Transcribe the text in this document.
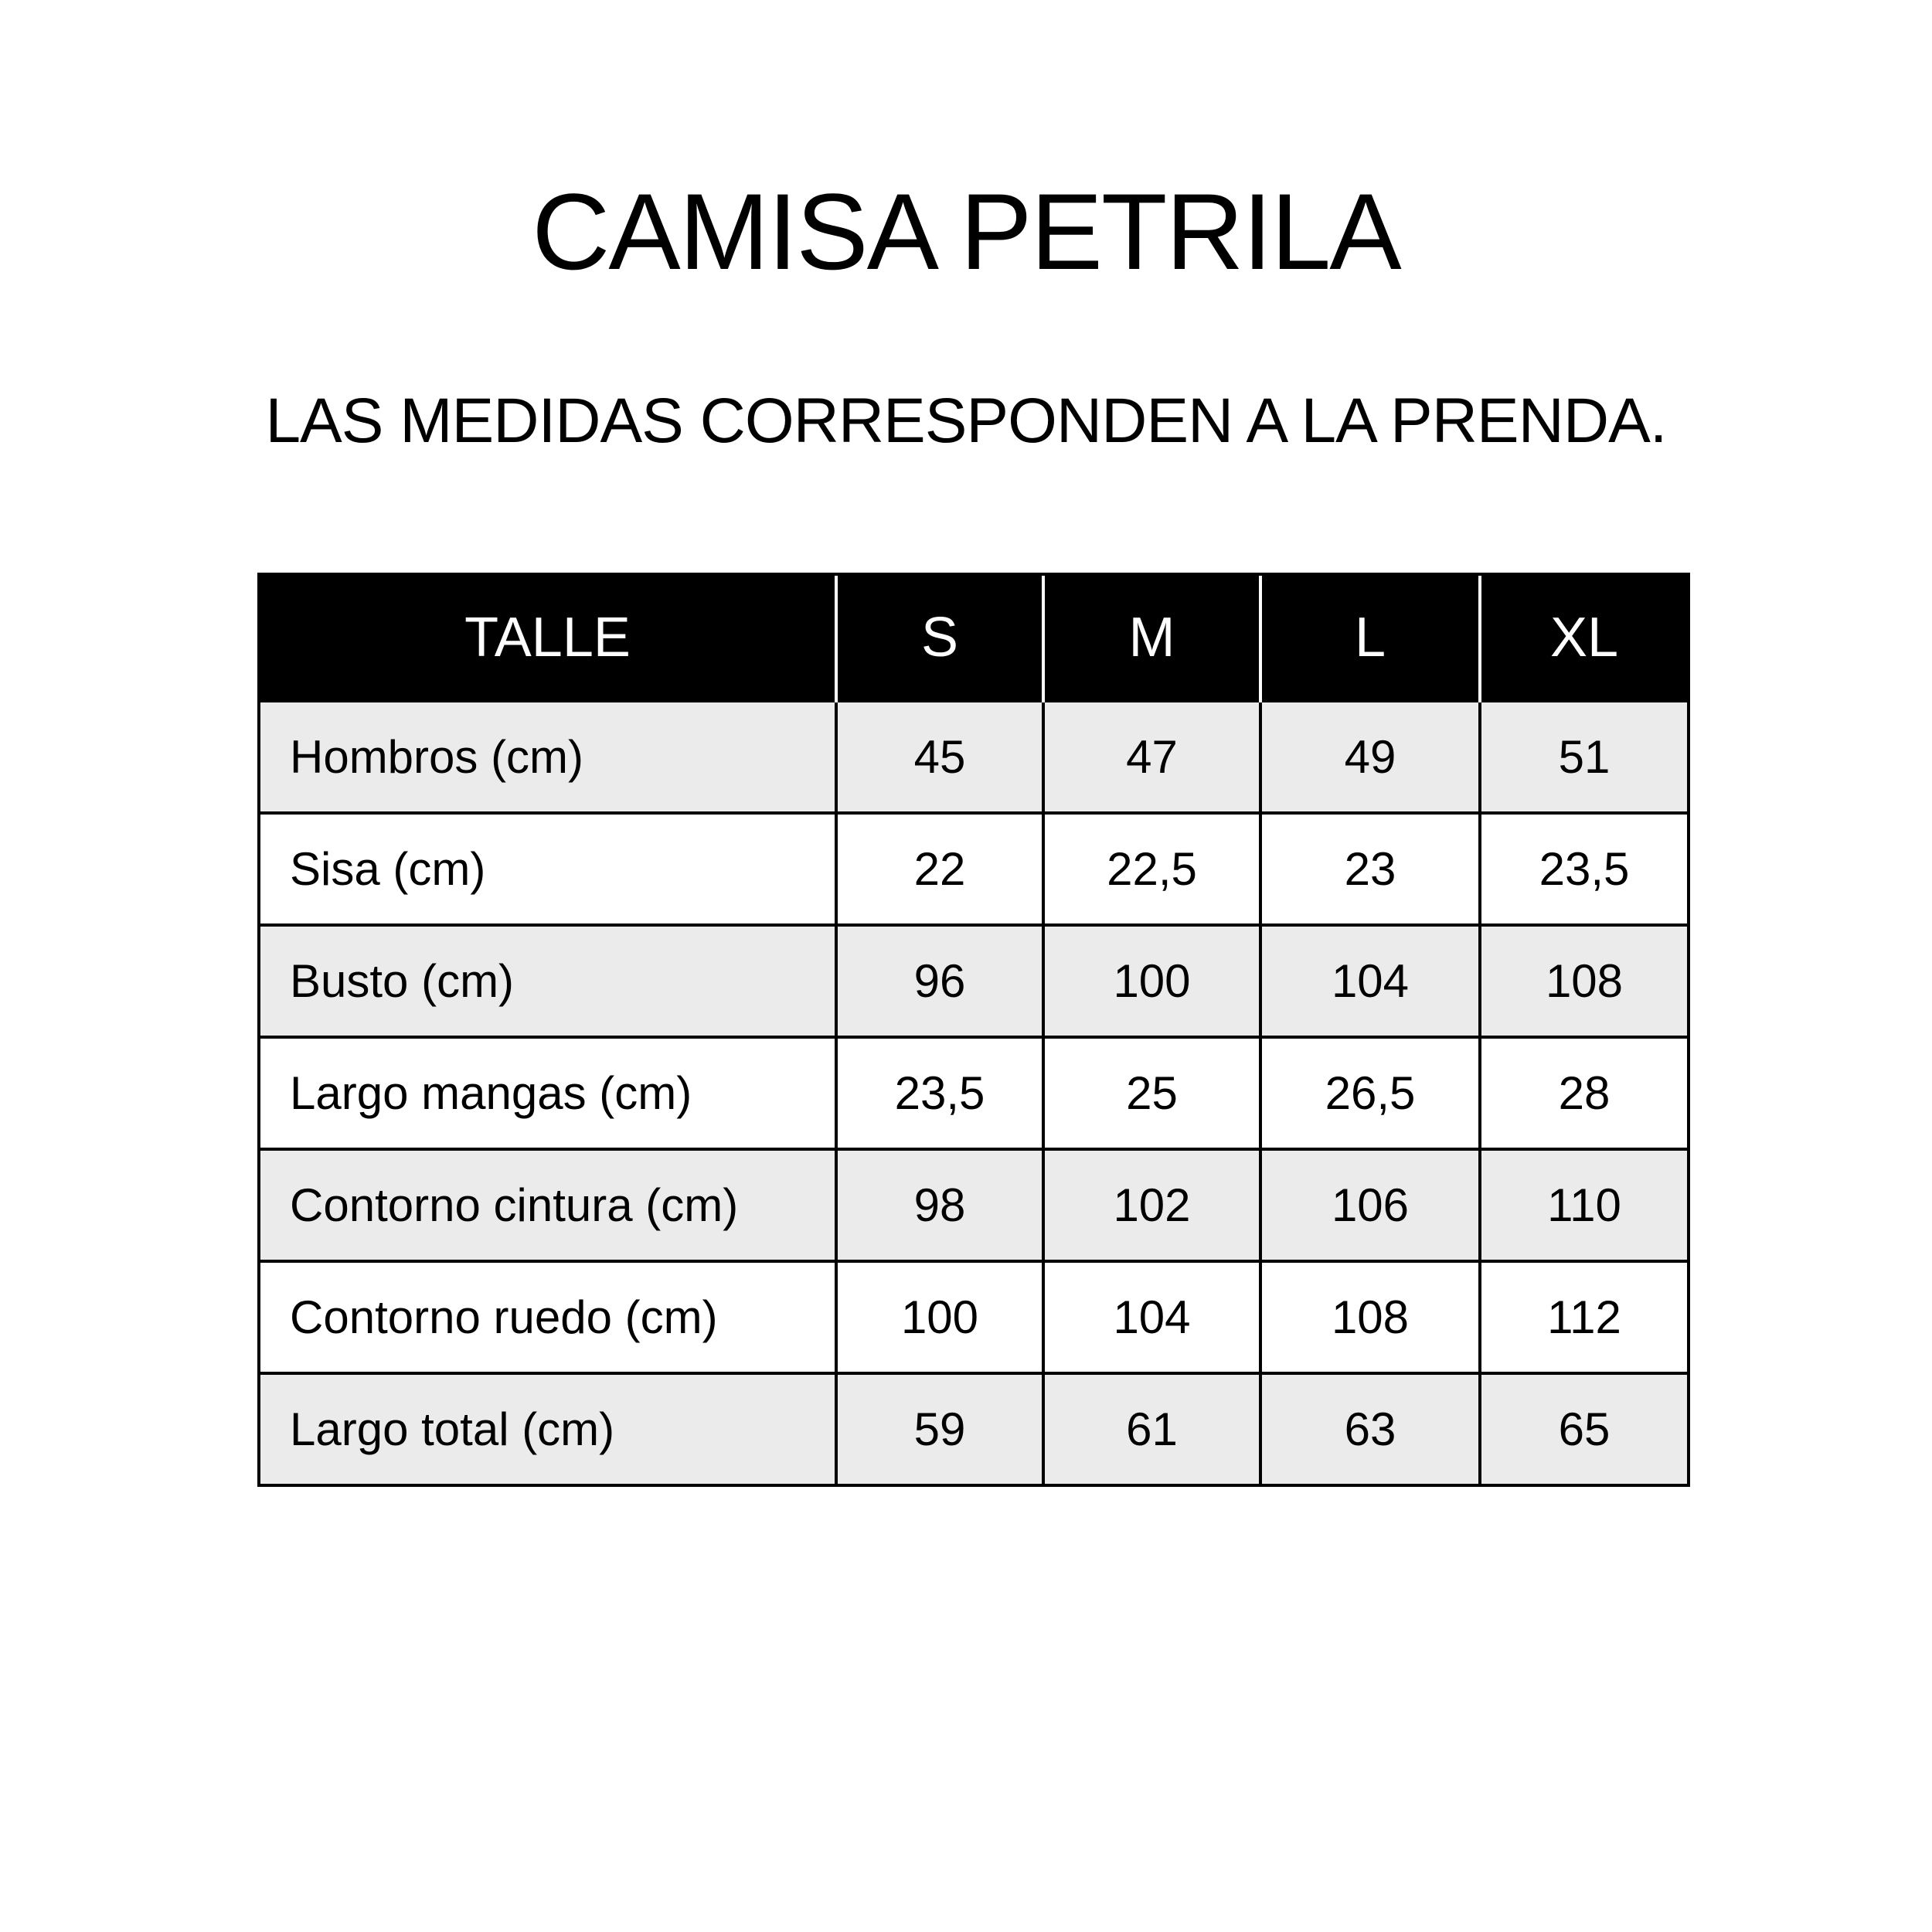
CAMISA PETRILA

LAS MEDIDAS CORRESPONDEN A LA PRENDA.

TALLE	S	M	L	XL
Hombros (cm)	45	47	49	51
Sisa (cm)	22	22,5	23	23,5
Busto (cm)	96	100	104	108
Largo mangas (cm)	23,5	25	26,5	28
Contorno cintura (cm)	98	102	106	110
Contorno ruedo (cm)	100	104	108	112
Largo total (cm)	59	61	63	65
